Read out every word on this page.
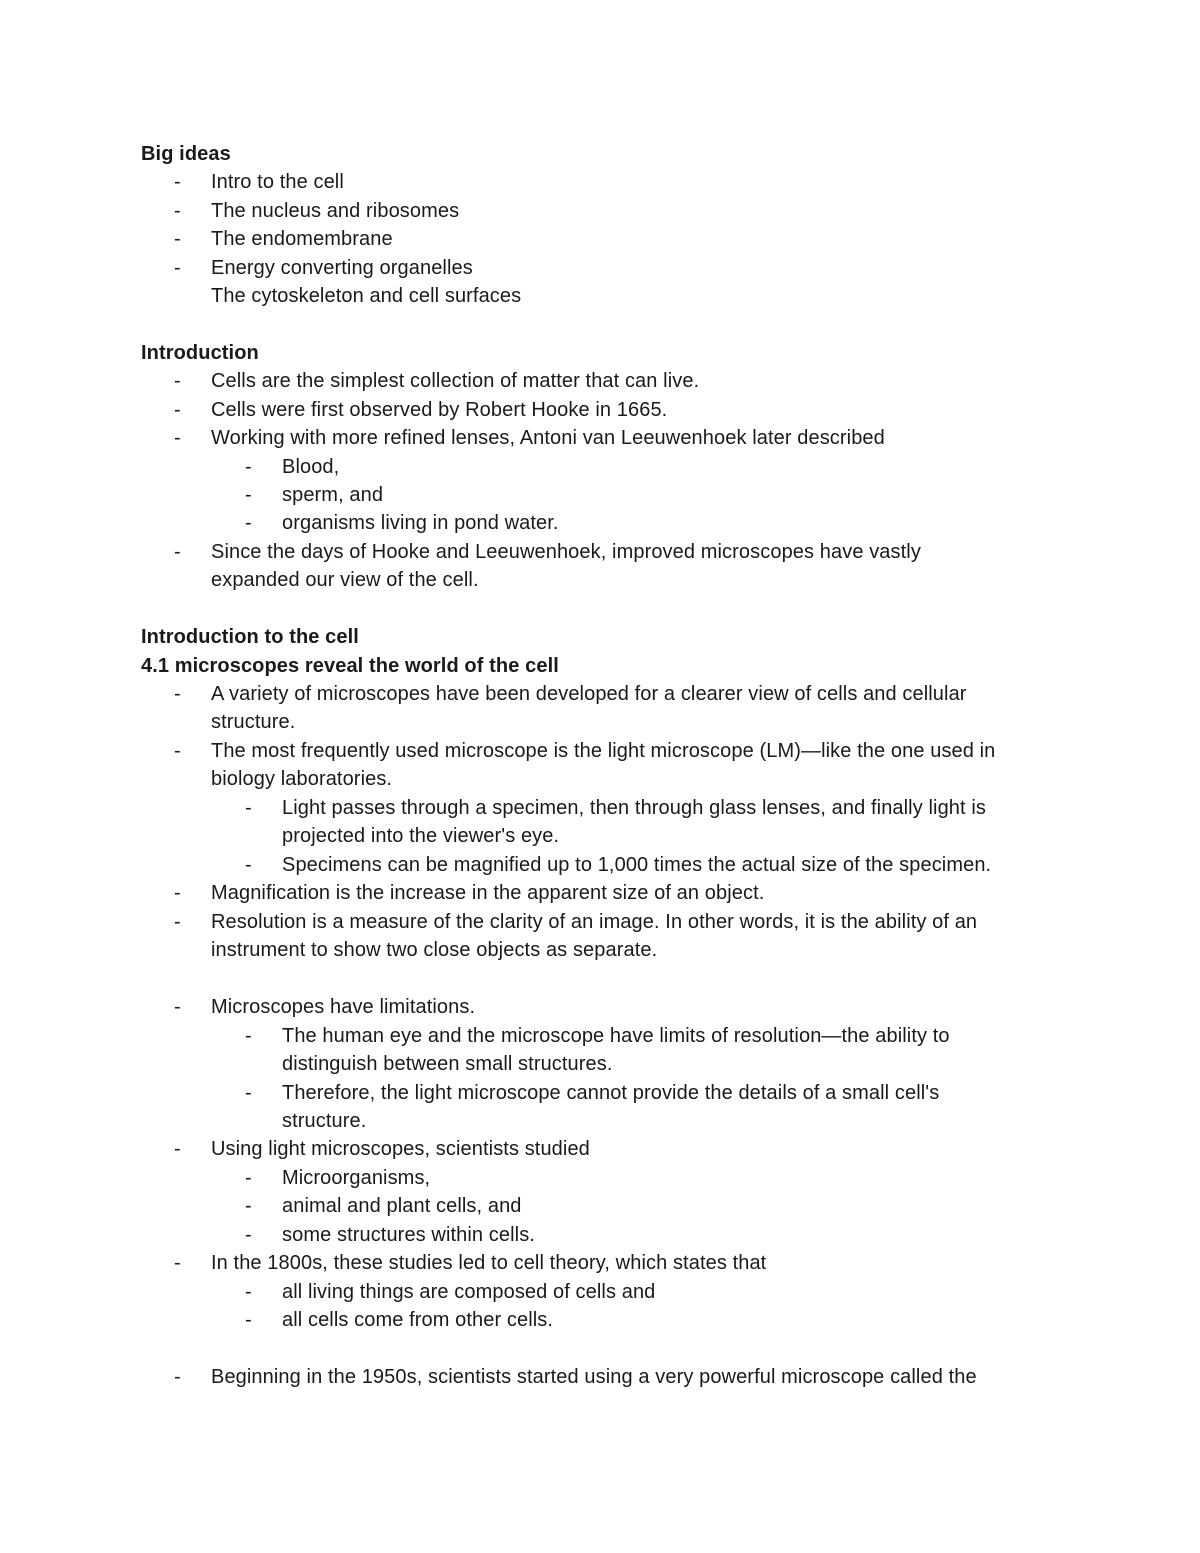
Big ideas
- Intro to the cell
- The nucleus and ribosomes
- The endomembrane
- Energy converting organelles
The cytoskeleton and cell surfaces
Introduction
- Cells are the simplest collection of matter that can live.
- Cells were first observed by Robert Hooke in 1665.
- Working with more refined lenses, Antoni van Leeuwenhoek later described
- Blood,
- sperm, and
- organisms living in pond water.
- Since the days of Hooke and Leeuwenhoek, improved microscopes have vastly
expanded our view of the cell.
Introduction to the cell
4.1 microscopes reveal the world of the cell
- A variety of microscopes have been developed for a clearer view of cells and cellular
structure.
- The most frequently used microscope is the light microscope (LM)—like the one used in
biology laboratories.
- Light passes through a specimen, then through glass lenses, and finally light is
projected into the viewer's eye.
- Specimens can be magnified up to 1,000 times the actual size of the specimen.
- Magnification is the increase in the apparent size of an object.
- Resolution is a measure of the clarity of an image. In other words, it is the ability of an
instrument to show two close objects as separate.
- Microscopes have limitations.
- The human eye and the microscope have limits of resolution—the ability to
distinguish between small structures.
- Therefore, the light microscope cannot provide the details of a small cell's
structure.
- Using light microscopes, scientists studied
- Microorganisms,
- animal and plant cells, and
- some structures within cells.
- In the 1800s, these studies led to cell theory, which states that
- all living things are composed of cells and
- all cells come from other cells.
- Beginning in the 1950s, scientists started using a very powerful microscope called the
